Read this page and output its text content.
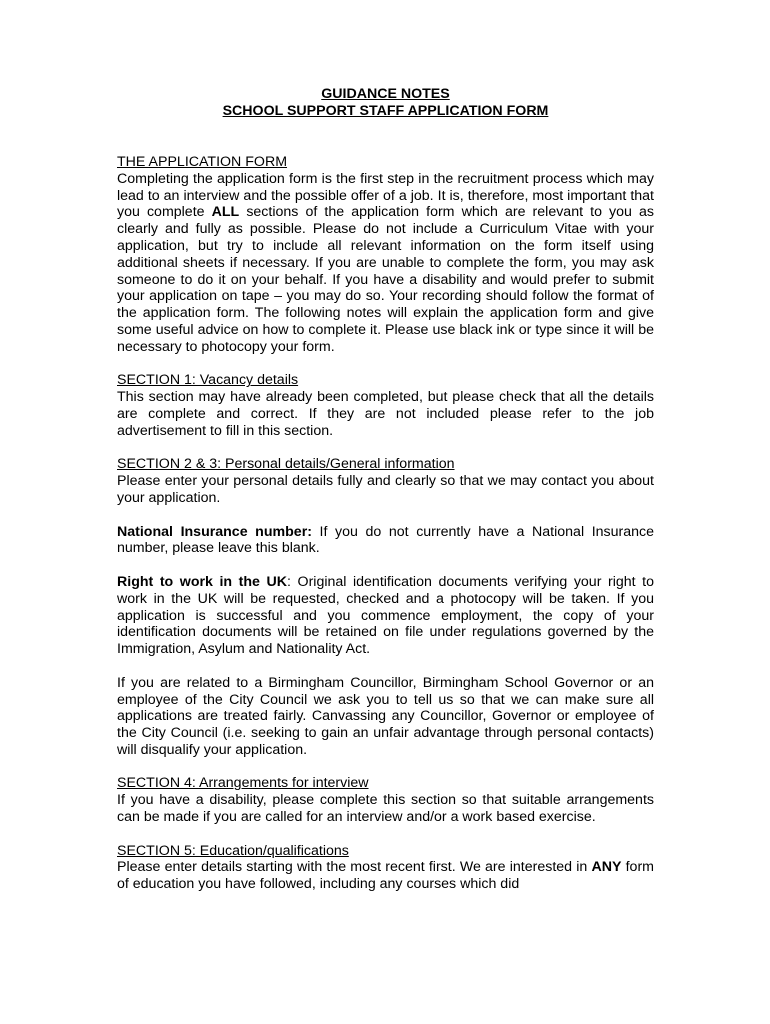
GUIDANCE NOTES
SCHOOL SUPPORT STAFF APPLICATION FORM
THE APPLICATION FORM

Completing the application form is the first step in the recruitment process which may lead to an interview and the possible offer of a job. It is, therefore, most important that you complete ALL sections of the application form which are relevant to you as clearly and fully as possible. Please do not include a Curriculum Vitae with your application, but try to include all relevant information on the form itself using additional sheets if necessary. If you are unable to complete the form, you may ask someone to do it on your behalf. If you have a disability and would prefer to submit your application on tape – you may do so. Your recording should follow the format of the application form. The following notes will explain the application form and give some useful advice on how to complete it. Please use black ink or type since it will be necessary to photocopy your form.

SECTION 1: Vacancy details

This section may have already been completed, but please check that all the details are complete and correct. If they are not included please refer to the job advertisement to fill in this section.

SECTION 2 & 3: Personal details/General information

Please enter your personal details fully and clearly so that we may contact you about your application.

National Insurance number: If you do not currently have a National Insurance number, please leave this blank.

Right to work in the UK: Original identification documents verifying your right to work in the UK will be requested, checked and a photocopy will be taken. If you application is successful and you commence employment, the copy of your identification documents will be retained on file under regulations governed by the Immigration, Asylum and Nationality Act.

If you are related to a Birmingham Councillor, Birmingham School Governor or an employee of the City Council we ask you to tell us so that we can make sure all applications are treated fairly. Canvassing any Councillor, Governor or employee of the City Council (i.e. seeking to gain an unfair advantage through personal contacts) will disqualify your application.

SECTION 4: Arrangements for interview

If you have a disability, please complete this section so that suitable arrangements can be made if you are called for an interview and/or a work based exercise.

SECTION 5: Education/qualifications

Please enter details starting with the most recent first. We are interested in ANY form of education you have followed, including any courses which did
